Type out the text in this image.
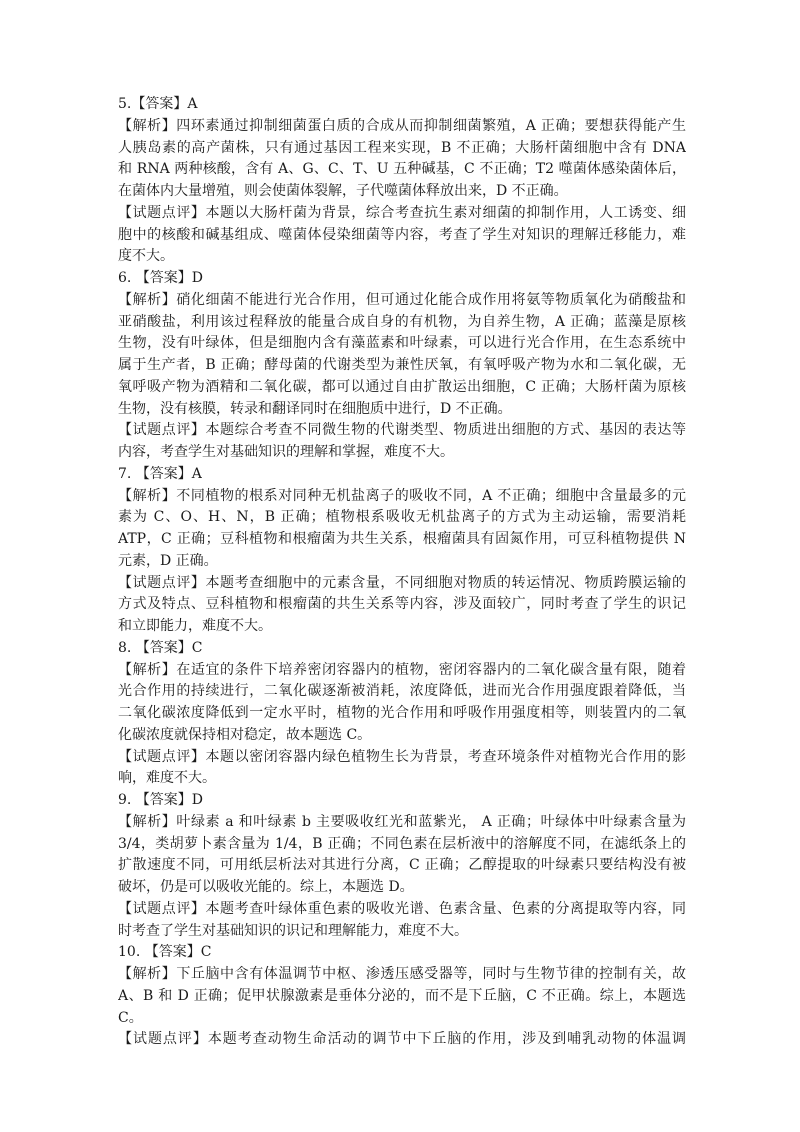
5.【答案】A
【解析】四环素通过抑制细菌蛋白质的合成从而抑制细菌繁殖，A 正确；要想获得能产生
人胰岛素的高产菌株，只有通过基因工程来实现，B 不正确；大肠杆菌细胞中含有 DNA
和 RNA 两种核酸，含有 A、G、C、T、U 五种碱基，C 不正确；T2 噬菌体感染菌体后，
在菌体内大量增殖，则会使菌体裂解，子代噬菌体释放出来，D 不正确。
【试题点评】本题以大肠杆菌为背景，综合考查抗生素对细菌的抑制作用，人工诱变、细
胞中的核酸和碱基组成、噬菌体侵染细菌等内容，考查了学生对知识的理解迁移能力，难
度不大。
6. 【答案】D
【解析】硝化细菌不能进行光合作用，但可通过化能合成作用将氨等物质氧化为硝酸盐和
亚硝酸盐，利用该过程释放的能量合成自身的有机物，为自养生物，A 正确；蓝藻是原核
生物，没有叶绿体，但是细胞内含有藻蓝素和叶绿素，可以进行光合作用，在生态系统中
属于生产者，B 正确；酵母菌的代谢类型为兼性厌氧，有氧呼吸产物为水和二氧化碳，无
氧呼吸产物为酒精和二氧化碳，都可以通过自由扩散运出细胞，C 正确；大肠杆菌为原核
生物，没有核膜，转录和翻译同时在细胞质中进行，D 不正确。
【试题点评】本题综合考查不同微生物的代谢类型、物质进出细胞的方式、基因的表达等
内容，考查学生对基础知识的理解和掌握，难度不大。
7. 【答案】A
【解析】不同植物的根系对同种无机盐离子的吸收不同，A 不正确；细胞中含量最多的元
素为 C、O、H、N，B 正确；植物根系吸收无机盐离子的方式为主动运输，需要消耗
ATP，C 正确；豆科植物和根瘤菌为共生关系，根瘤菌具有固氮作用，可豆科植物提供 N
元素，D 正确。
【试题点评】本题考查细胞中的元素含量，不同细胞对物质的转运情况、物质跨膜运输的
方式及特点、豆科植物和根瘤菌的共生关系等内容，涉及面较广，同时考查了学生的识记
和立即能力，难度不大。
8. 【答案】C
【解析】在适宜的条件下培养密闭容器内的植物，密闭容器内的二氧化碳含量有限，随着
光合作用的持续进行，二氧化碳逐渐被消耗，浓度降低，进而光合作用强度跟着降低，当
二氧化碳浓度降低到一定水平时，植物的光合作用和呼吸作用强度相等，则装置内的二氧
化碳浓度就保持相对稳定，故本题选 C。
【试题点评】本题以密闭容器内绿色植物生长为背景，考查环境条件对植物光合作用的影
响，难度不大。
9. 【答案】D
【解析】叶绿素 a 和叶绿素 b 主要吸收红光和蓝紫光， A 正确；叶绿体中叶绿素含量为
3/4，类胡萝卜素含量为 1/4，B 正确；不同色素在层析液中的溶解度不同，在滤纸条上的
扩散速度不同，可用纸层析法对其进行分离，C 正确；乙醇提取的叶绿素只要结构没有被
破坏，仍是可以吸收光能的。综上，本题选 D。
【试题点评】本题考查叶绿体重色素的吸收光谱、色素含量、色素的分离提取等内容，同
时考查了学生对基础知识的识记和理解能力，难度不大。
10. 【答案】C
【解析】下丘脑中含有体温调节中枢、渗透压感受器等，同时与生物节律的控制有关，故
A、B 和 D 正确；促甲状腺激素是垂体分泌的，而不是下丘脑，C 不正确。综上，本题选
C。
【试题点评】本题考查动物生命活动的调节中下丘脑的作用，涉及到哺乳动物的体温调
